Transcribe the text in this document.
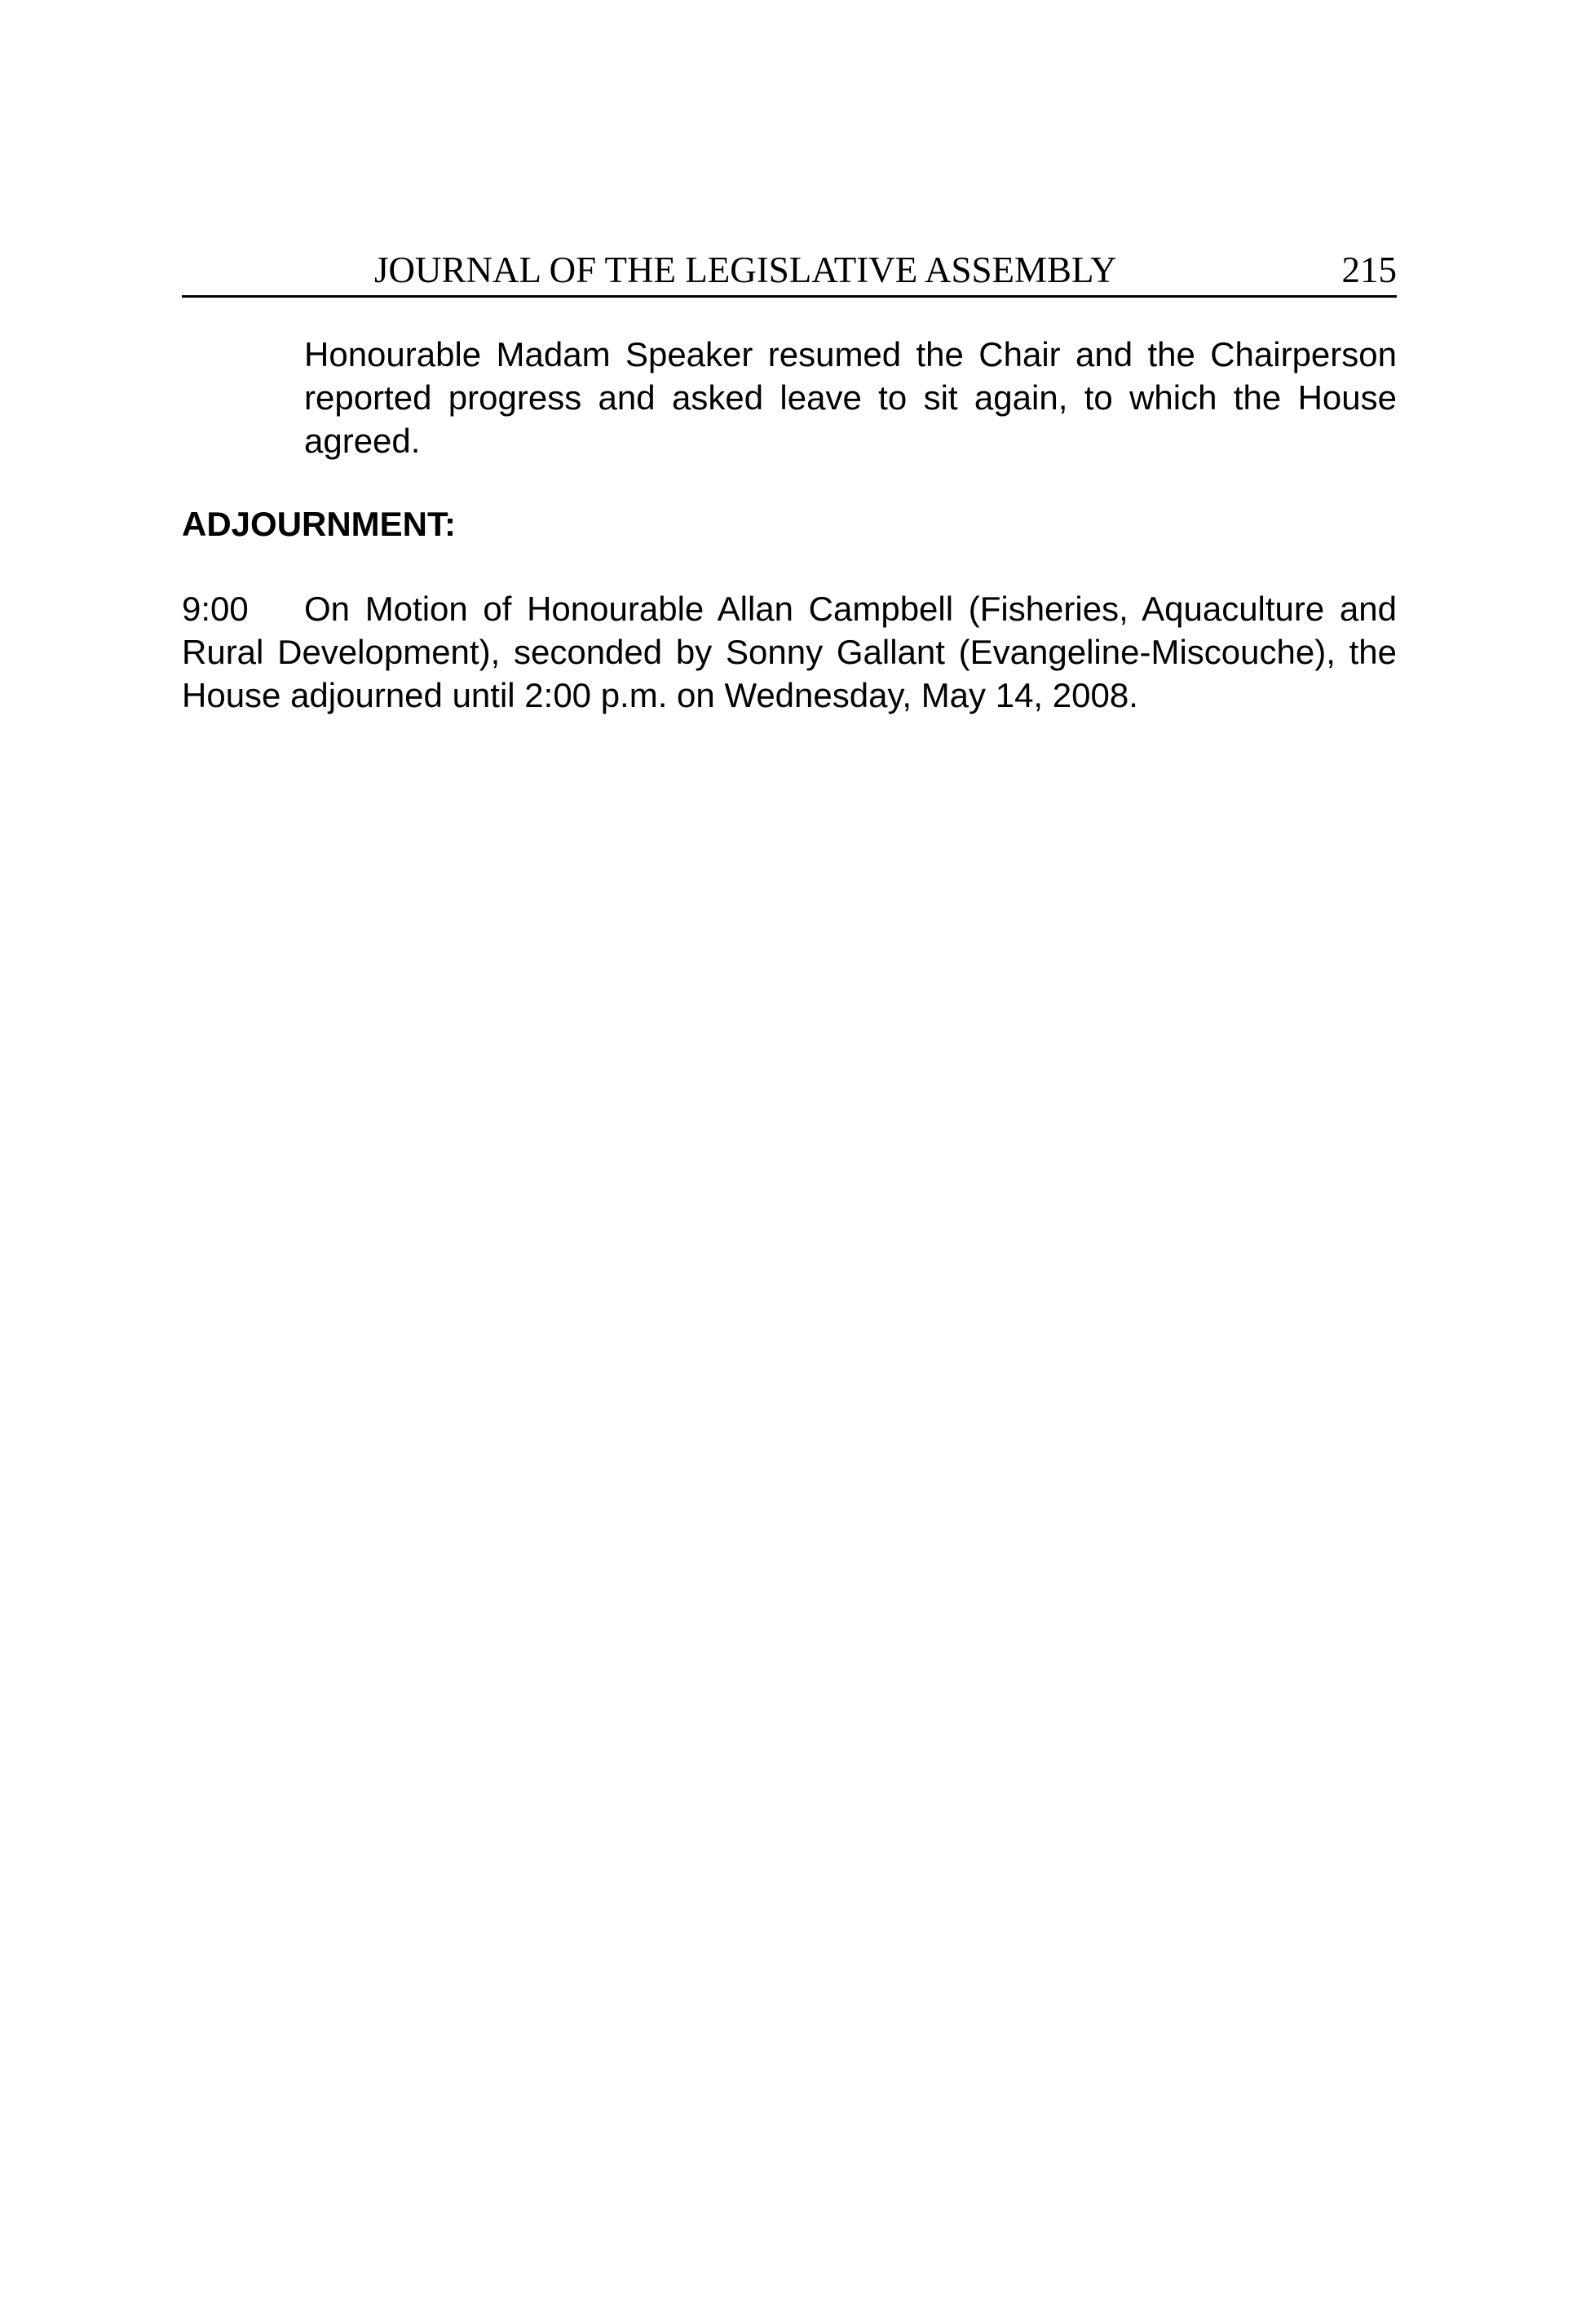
JOURNAL OF THE LEGISLATIVE ASSEMBLY	215

Honourable Madam Speaker resumed the Chair and the Chairperson reported progress and asked leave to sit again, to which the House agreed.

ADJOURNMENT:

9:00 On Motion of Honourable Allan Campbell (Fisheries, Aquaculture and Rural Development), seconded by Sonny Gallant (Evangeline-Miscouche), the House adjourned until 2:00 p.m. on Wednesday, May 14, 2008.
